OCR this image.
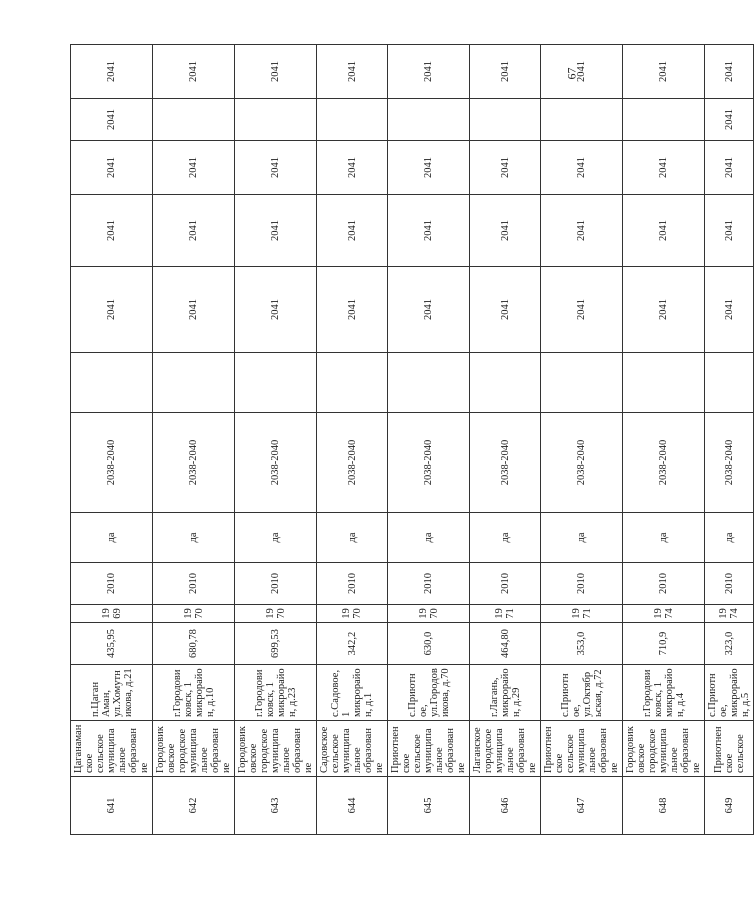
67
641	Цаганаманское сельское муниципальное образование	п.Цаган Аман, ул.Хомутникова, д.21	435,95	1969	2010	да	2038-2040		2041	2041	2041	2041	2041
642	Городовиковское городское муниципальное образование	г.Городовиковск, 1 микрорайон, д.10	680,78	1970	2010	да	2038-2040		2041	2041	2041		2041
643	Городовиковское городское муниципальное образование	г.Городовиковск, 1 микрорайон, д.23	699,53	1970	2010	да	2038-2040		2041	2041	2041		2041
644	Садовское сельское муниципальное образование	с.Садовое, 1 микрорайон, д.1	342,2	1970	2010	да	2038-2040		2041	2041	2041		2041
645	Приютненское сельское муниципальное образование	с.Приютное, ул.Городовикова, д.70	630,0	1970	2010	да	2038-2040		2041	2041	2041		2041
646	Лаганское городское муниципальное образование	г.Лагань, микрорайон, д.29	464,80	1971	2010	да	2038-2040		2041	2041	2041		2041
647	Приютненское сельское муниципальное образование	с.Приютное, ул.Октябрьская, д.72	353,0	1971	2010	да	2038-2040		2041	2041	2041		2041
648	Городовиковское городское муниципальное образование	г.Городовиковск, 1 микрорайон, д.4	710,9	1974	2010	да	2038-2040		2041	2041	2041		2041
649	Приютненское сельское	с.Приютное, микрорайон, д.5	323,0	1974	2010	да	2038-2040		2041	2041	2041	2041	2041
